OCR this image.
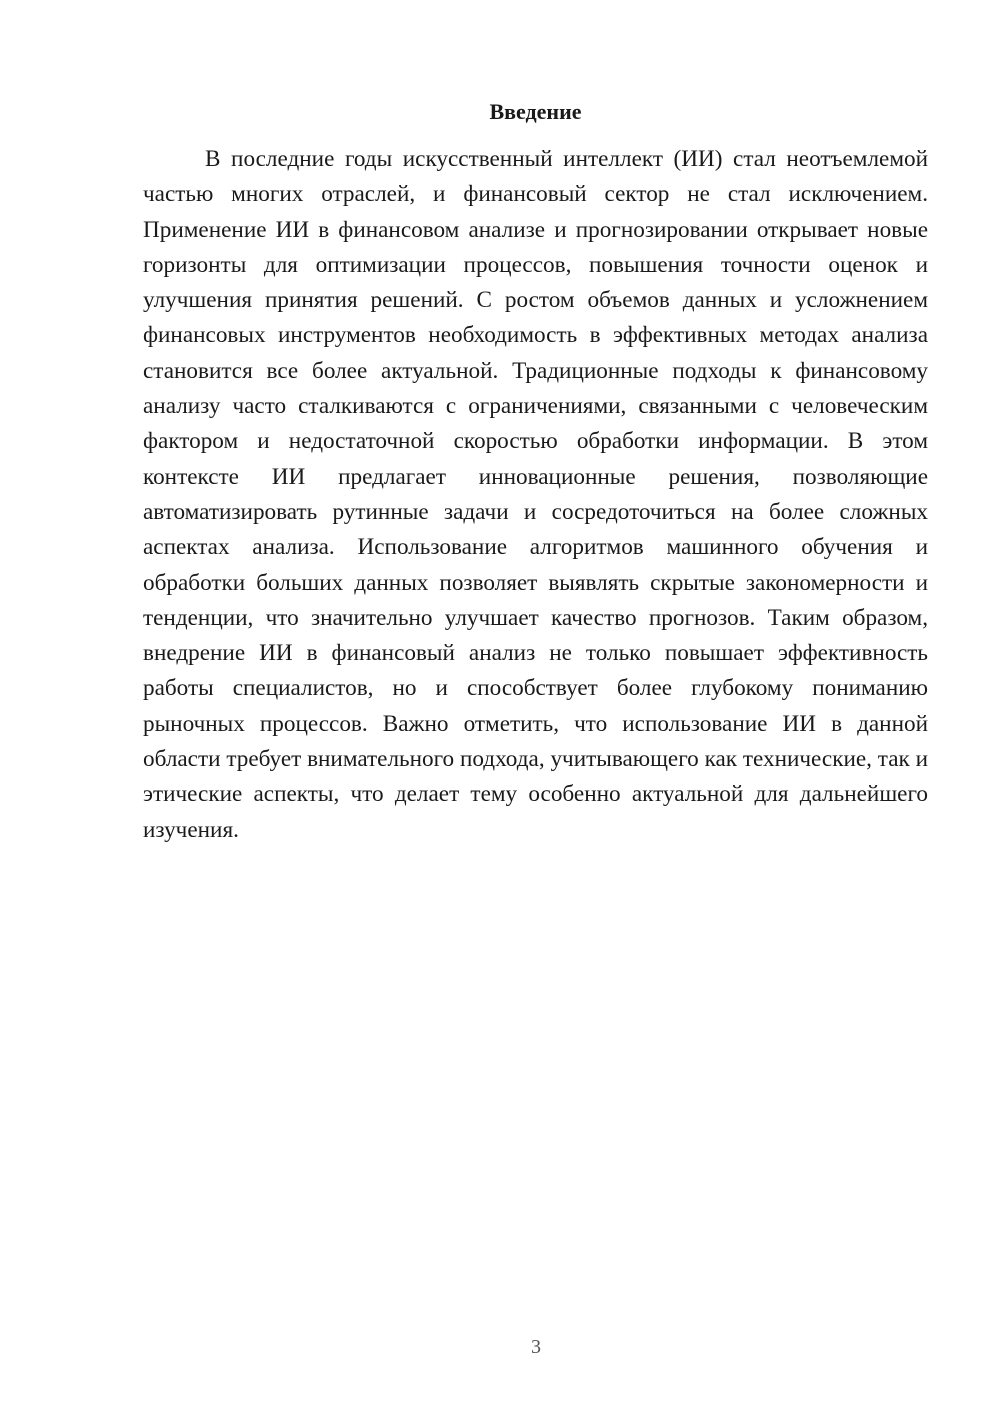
Введение

В последние годы искусственный интеллект (ИИ) стал неотъемлемой частью многих отраслей, и финансовый сектор не стал исключением. Применение ИИ в финансовом анализе и прогнозировании открывает новые горизонты для оптимизации процессов, повышения точности оценок и улучшения принятия решений. С ростом объемов данных и усложнением финансовых инструментов необходимость в эффективных методах анализа становится все более актуальной. Традиционные подходы к финансовому анализу часто сталкиваются с ограничениями, связанными с человеческим фактором и недостаточной скоростью обработки информации. В этом контексте ИИ предлагает инновационные решения, позволяющие автоматизировать рутинные задачи и сосредоточиться на более сложных аспектах анализа. Использование алгоритмов машинного обучения и обработки больших данных позволяет выявлять скрытые закономерности и тенденции, что значительно улучшает качество прогнозов. Таким образом, внедрение ИИ в финансовый анализ не только повышает эффективность работы специалистов, но и способствует более глубокому пониманию рыночных процессов. Важно отметить, что использование ИИ в данной области требует внимательного подхода, учитывающего как технические, так и этические аспекты, что делает тему особенно актуальной для дальнейшего изучения.

3
